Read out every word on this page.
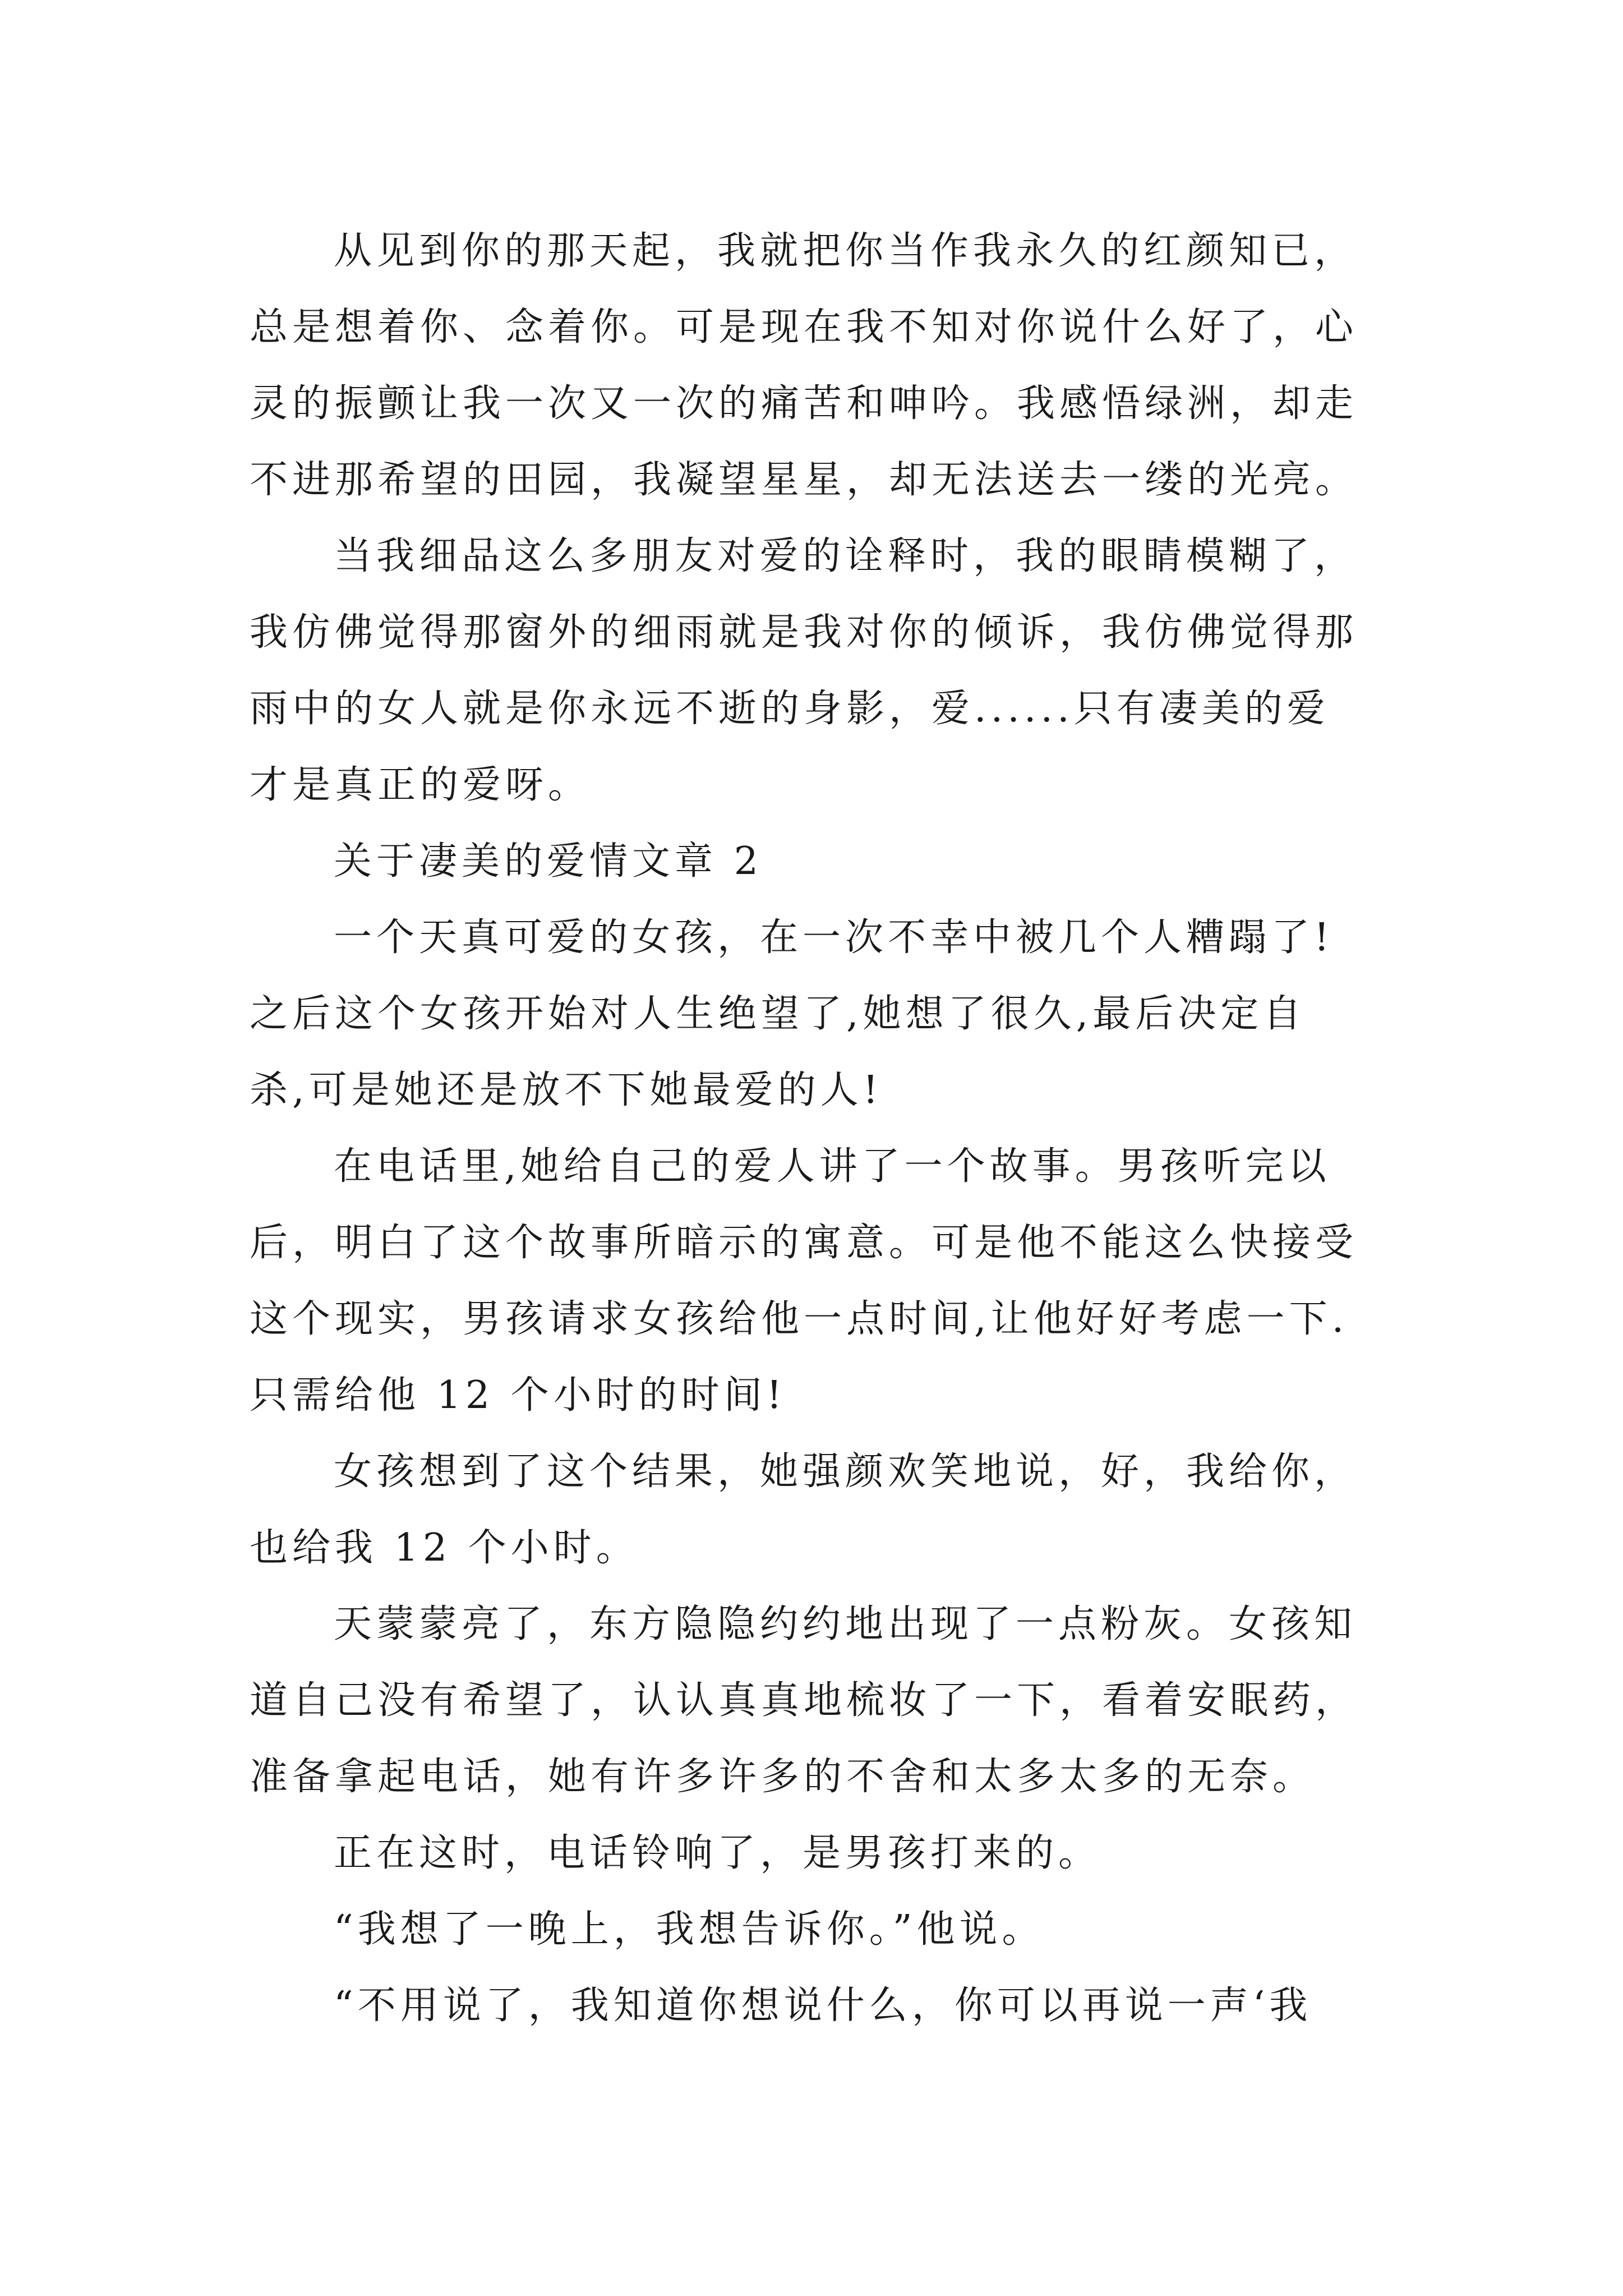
从见到你的那天起，我就把你当作我永久的红颜知已，

总是想着你、念着你。可是现在我不知对你说什么好了，心

灵的振颤让我一次又一次的痛苦和呻吟。我感悟绿洲，却走

不进那希望的田园，我凝望星星，却无法送去一缕的光亮。

当我细品这么多朋友对爱的诠释时，我的眼睛模糊了，

我仿佛觉得那窗外的细雨就是我对你的倾诉，我仿佛觉得那

雨中的女人就是你永远不逝的身影，爱......只有凄美的爱

才是真正的爱呀。

关于凄美的爱情文章 2

一个天真可爱的女孩，在一次不幸中被几个人糟蹋了!

之后这个女孩开始对人生绝望了,她想了很久,最后决定自

杀,可是她还是放不下她最爱的人!

在电话里,她给自己的爱人讲了一个故事。男孩听完以

后，明白了这个故事所暗示的寓意。可是他不能这么快接受

这个现实，男孩请求女孩给他一点时间,让他好好考虑一下.

只需给他 12 个小时的时间!

女孩想到了这个结果，她强颜欢笑地说，好，我给你，

也给我 12 个小时。

天蒙蒙亮了，东方隐隐约约地出现了一点粉灰。女孩知

道自己没有希望了，认认真真地梳妆了一下，看着安眠药，

准备拿起电话，她有许多许多的不舍和太多太多的无奈。

正在这时，电话铃响了，是男孩打来的。

“我想了一晚上，我想告诉你。”他说。

“不用说了，我知道你想说什么，你可以再说一声‘我
